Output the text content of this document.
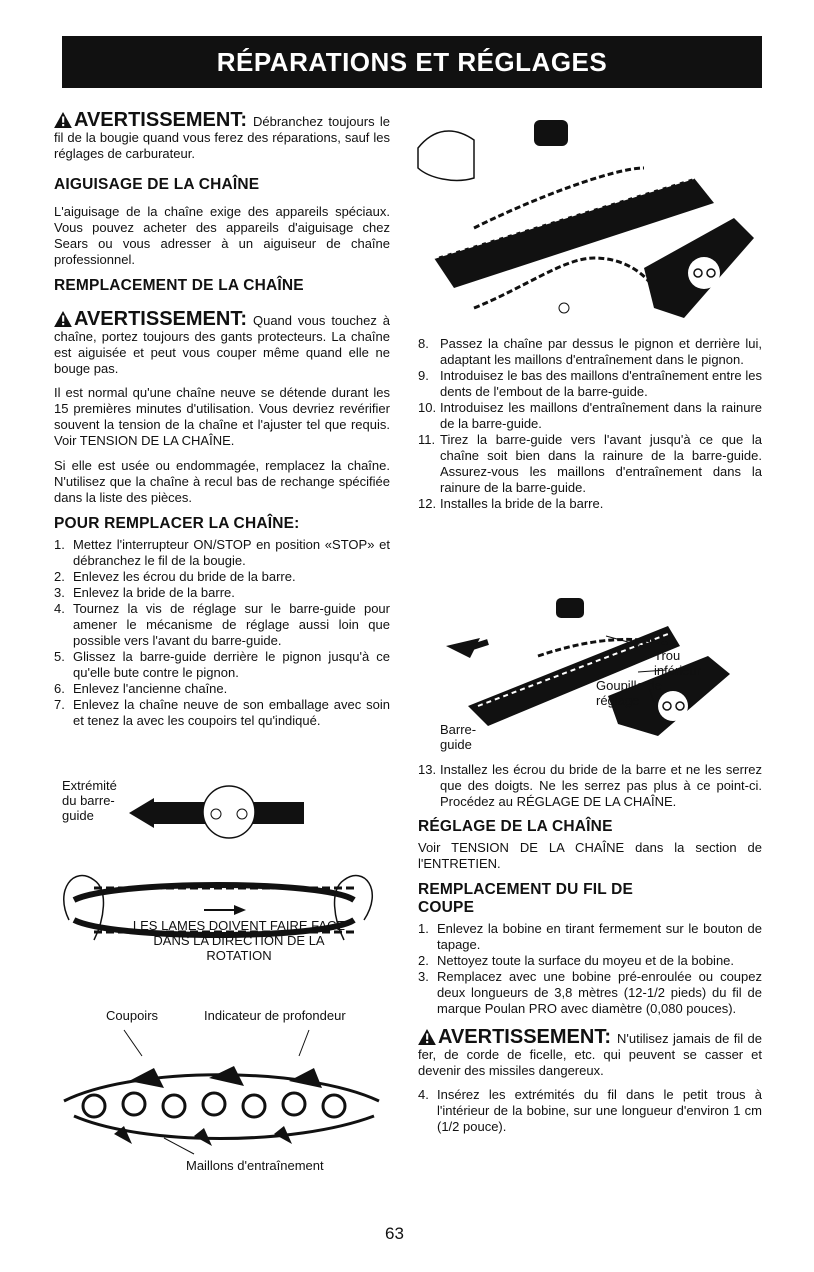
RÉPARATIONS ET RÉGLAGES
AVERTISSEMENT: Débranchez toujours le fil de la bougie quand vous ferez des réparations, sauf les réglages de carburateur.
AIGUISAGE DE LA CHAÎNE

L'aiguisage de la chaîne exige des appareils spéciaux. Vous pouvez acheter des appareils d'aiguisage chez Sears ou vous adresser à un aiguiseur de chaîne professionnel.

REMPLACEMENT DE LA CHAÎNE
AVERTISSEMENT: Quand vous touchez à chaîne, portez toujours des gants protecteurs. La chaîne est aiguisée et peut vous couper même quand elle ne bouge pas.

Il est normal qu'une chaîne neuve se détende durant les 15 premières minutes d'utilisation. Vous devriez revérifier souvent la tension de la chaîne et l'ajuster tel que requis. Voir TENSION DE LA CHAÎNE.

Si elle est usée ou endommagée, remplacez la chaîne. N'utilisez que la chaîne à recul bas de rechange spécifiée dans la liste des pièces.

POUR REMPLACER LA CHAÎNE:
1. Mettez l'interrupteur ON/STOP en position «STOP» et débranchez le fil de la bougie.
2. Enlevez les écrou du bride de la barre.
3. Enlevez la bride de la barre.
4. Tournez la vis de réglage sur le barre-guide pour amener le mécanisme de réglage aussi loin que possible vers l'avant du barre-guide.
5. Glissez la barre-guide derrière le pignon jusqu'à ce qu'elle bute contre le pignon.
6. Enlevez l'ancienne chaîne.
7. Enlevez la chaîne neuve de son emballage avec soin et tenez la avec les coupoirs tel qu'indiqué.
Extrémité du barre-guide
LES LAMES DOIVENT FAIRE FACE DANS LA DIRECTION DE LA ROTATION
Coupoirs	Indicateur de profondeur
Maillons d'entraînement
8. Passez la chaîne par dessus le pignon et derrière lui, adaptant les maillons d'entraînement dans le pignon.
9. Introduisez le bas des maillons d'entraînement entre les dents de l'embout de la barre-guide.
10. Introduisez les maillons d'entraînement dans la rainure de la barre-guide.
11. Tirez la barre-guide vers l'avant jusqu'à ce que la chaîne soit bien dans la rainure de la barre-guide. Assurez-vous les maillons d'entraînement dans la rainure de la barre-guide.
12. Installes la bride de la barre.
Trou inférieur
Goupille de réglage
Barre-guide
13. Installez les écrou du bride de la barre et ne les serrez que des doigts. Ne les serrez pas plus à ce point-ci. Procédez au RÉGLAGE DE LA CHAÎNE.
RÉGLAGE DE LA CHAÎNE

Voir TENSION DE LA CHAÎNE dans la section de l'ENTRETIEN.

REMPLACEMENT DU FIL DE COUPE
1. Enlevez la bobine en tirant fermement sur le bouton de tapage.
2. Nettoyez toute la surface du moyeu et de la bobine.
3. Remplacez avec une bobine pré-enroulée ou coupez deux longueurs de 3,8 mètres (12-1/2 pieds) du fil de marque Poulan PRO avec diamètre (0,080 pouces).
AVERTISSEMENT: N'utilisez jamais de fil de fer, de corde de ficelle, etc. qui peuvent se casser et devenir des missiles dangereux.
4. Insérez les extrémités du fil dans le petit trous à l'intérieur de la bobine, sur une longueur d'environ 1 cm (1/2 pouce).
63
